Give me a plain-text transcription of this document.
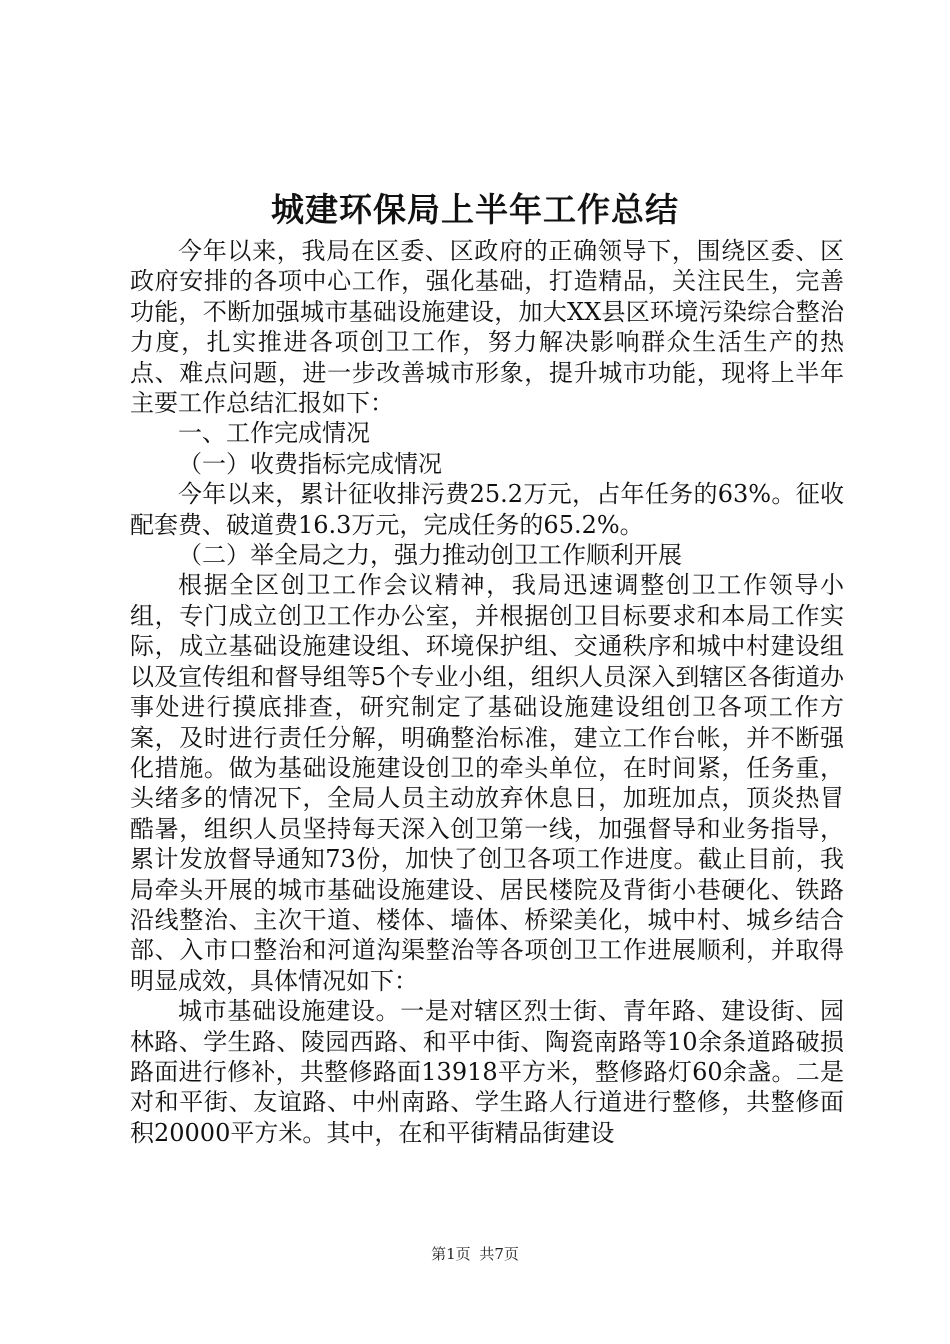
城建环保局上半年工作总结

今年以来，我局在区委、区政府的正确领导下，围绕区委、区政府安排的各项中心工作，强化基础，打造精品，关注民生，完善功能，不断加强城市基础设施建设，加大XX县区环境污染综合整治力度，扎实推进各项创卫工作，努力解决影响群众生活生产的热点、难点问题，进一步改善城市形象，提升城市功能，现将上半年主要工作总结汇报如下：

一、工作完成情况

（一）收费指标完成情况

今年以来，累计征收排污费25.2万元，占年任务的63%。征收配套费、破道费16.3万元，完成任务的65.2%。

（二）举全局之力，强力推动创卫工作顺利开展

根据全区创卫工作会议精神，我局迅速调整创卫工作领导小组，专门成立创卫工作办公室，并根据创卫目标要求和本局工作实际，成立基础设施建设组、环境保护组、交通秩序和城中村建设组以及宣传组和督导组等5个专业小组，组织人员深入到辖区各街道办事处进行摸底排查，研究制定了基础设施建设组创卫各项工作方案，及时进行责任分解，明确整治标准，建立工作台帐，并不断强化措施。做为基础设施建设创卫的牵头单位，在时间紧，任务重，头绪多的情况下，全局人员主动放弃休息日，加班加点，顶炎热冒酷暑，组织人员坚持每天深入创卫第一线，加强督导和业务指导，累计发放督导通知73份，加快了创卫各项工作进度。截止目前，我局牵头开展的城市基础设施建设、居民楼院及背街小巷硬化、铁路沿线整治、主次干道、楼体、墙体、桥梁美化，城中村、城乡结合部、入市口整治和河道沟渠整治等各项创卫工作进展顺利，并取得明显成效，具体情况如下：

城市基础设施建设。一是对辖区烈士街、青年路、建设街、园林路、学生路、陵园西路、和平中街、陶瓷南路等10余条道路破损路面进行修补，共整修路面13918平方米，整修路灯60余盏。二是对和平街、友谊路、中州南路、学生路人行道进行整修，共整修面积20000平方米。其中，在和平街精品街建设

第1页 共7页
